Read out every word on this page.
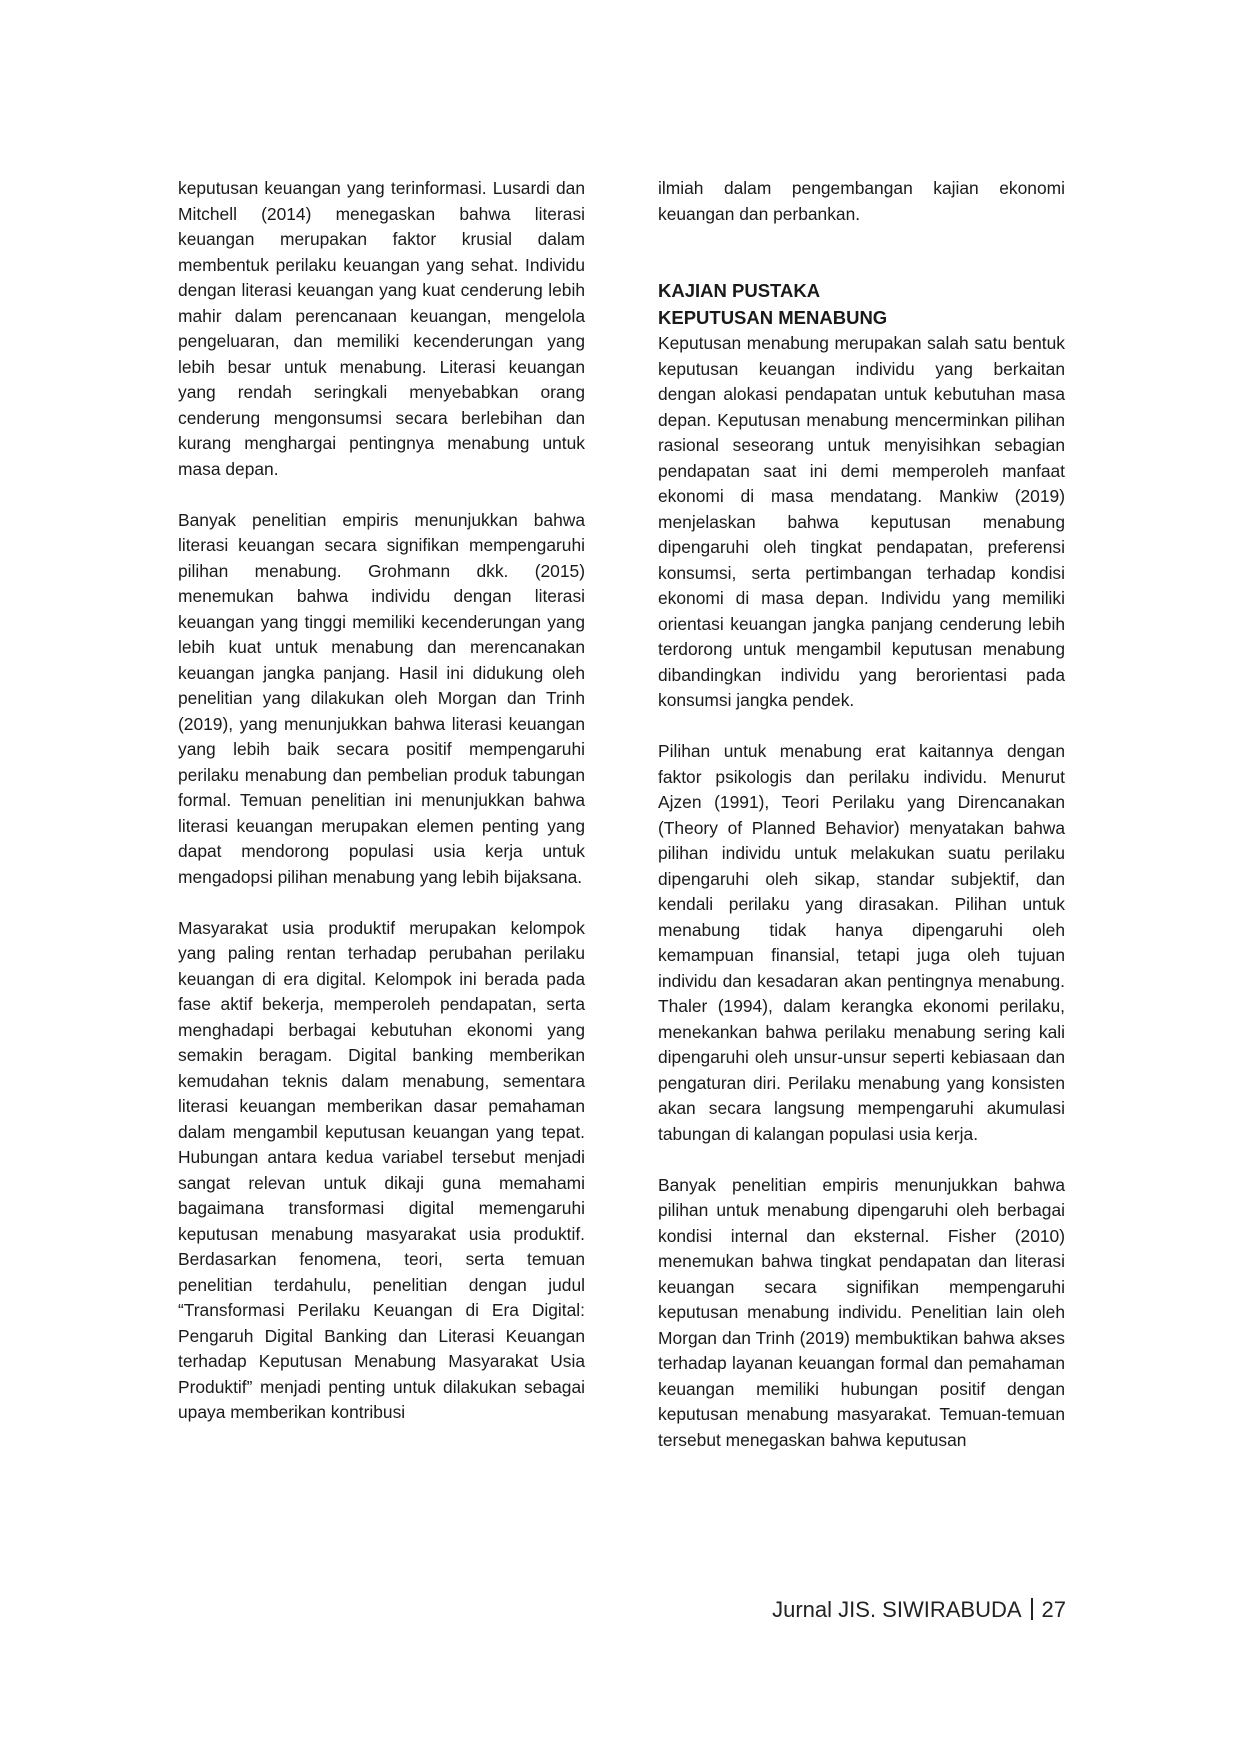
keputusan keuangan yang terinformasi. Lusardi dan Mitchell (2014) menegaskan bahwa literasi keuangan merupakan faktor krusial dalam membentuk perilaku keuangan yang sehat. Individu dengan literasi keuangan yang kuat cenderung lebih mahir dalam perencanaan keuangan, mengelola pengeluaran, dan memiliki kecenderungan yang lebih besar untuk menabung. Literasi keuangan yang rendah seringkali menyebabkan orang cenderung mengonsumsi secara berlebihan dan kurang menghargai pentingnya menabung untuk masa depan.

Banyak penelitian empiris menunjukkan bahwa literasi keuangan secara signifikan mempengaruhi pilihan menabung. Grohmann dkk. (2015) menemukan bahwa individu dengan literasi keuangan yang tinggi memiliki kecenderungan yang lebih kuat untuk menabung dan merencanakan keuangan jangka panjang. Hasil ini didukung oleh penelitian yang dilakukan oleh Morgan dan Trinh (2019), yang menunjukkan bahwa literasi keuangan yang lebih baik secara positif mempengaruhi perilaku menabung dan pembelian produk tabungan formal. Temuan penelitian ini menunjukkan bahwa literasi keuangan merupakan elemen penting yang dapat mendorong populasi usia kerja untuk mengadopsi pilihan menabung yang lebih bijaksana.

Masyarakat usia produktif merupakan kelompok yang paling rentan terhadap perubahan perilaku keuangan di era digital. Kelompok ini berada pada fase aktif bekerja, memperoleh pendapatan, serta menghadapi berbagai kebutuhan ekonomi yang semakin beragam. Digital banking memberikan kemudahan teknis dalam menabung, sementara literasi keuangan memberikan dasar pemahaman dalam mengambil keputusan keuangan yang tepat. Hubungan antara kedua variabel tersebut menjadi sangat relevan untuk dikaji guna memahami bagaimana transformasi digital memengaruhi keputusan menabung masyarakat usia produktif. Berdasarkan fenomena, teori, serta temuan penelitian terdahulu, penelitian dengan judul “Transformasi Perilaku Keuangan di Era Digital: Pengaruh Digital Banking dan Literasi Keuangan terhadap Keputusan Menabung Masyarakat Usia Produktif” menjadi penting untuk dilakukan sebagai upaya memberikan kontribusi

ilmiah dalam pengembangan kajian ekonomi keuangan dan perbankan.

KAJIAN PUSTAKA
KEPUTUSAN MENABUNG

Keputusan menabung merupakan salah satu bentuk keputusan keuangan individu yang berkaitan dengan alokasi pendapatan untuk kebutuhan masa depan. Keputusan menabung mencerminkan pilihan rasional seseorang untuk menyisihkan sebagian pendapatan saat ini demi memperoleh manfaat ekonomi di masa mendatang. Mankiw (2019) menjelaskan bahwa keputusan menabung dipengaruhi oleh tingkat pendapatan, preferensi konsumsi, serta pertimbangan terhadap kondisi ekonomi di masa depan. Individu yang memiliki orientasi keuangan jangka panjang cenderung lebih terdorong untuk mengambil keputusan menabung dibandingkan individu yang berorientasi pada konsumsi jangka pendek.

Pilihan untuk menabung erat kaitannya dengan faktor psikologis dan perilaku individu. Menurut Ajzen (1991), Teori Perilaku yang Direncanakan (Theory of Planned Behavior) menyatakan bahwa pilihan individu untuk melakukan suatu perilaku dipengaruhi oleh sikap, standar subjektif, dan kendali perilaku yang dirasakan. Pilihan untuk menabung tidak hanya dipengaruhi oleh kemampuan finansial, tetapi juga oleh tujuan individu dan kesadaran akan pentingnya menabung. Thaler (1994), dalam kerangka ekonomi perilaku, menekankan bahwa perilaku menabung sering kali dipengaruhi oleh unsur-unsur seperti kebiasaan dan pengaturan diri. Perilaku menabung yang konsisten akan secara langsung mempengaruhi akumulasi tabungan di kalangan populasi usia kerja.

Banyak penelitian empiris menunjukkan bahwa pilihan untuk menabung dipengaruhi oleh berbagai kondisi internal dan eksternal. Fisher (2010) menemukan bahwa tingkat pendapatan dan literasi keuangan secara signifikan mempengaruhi keputusan menabung individu. Penelitian lain oleh Morgan dan Trinh (2019) membuktikan bahwa akses terhadap layanan keuangan formal dan pemahaman keuangan memiliki hubungan positif dengan keputusan menabung masyarakat. Temuan-temuan tersebut menegaskan bahwa keputusan

Jurnal JIS. SIWIRABUDA 27
